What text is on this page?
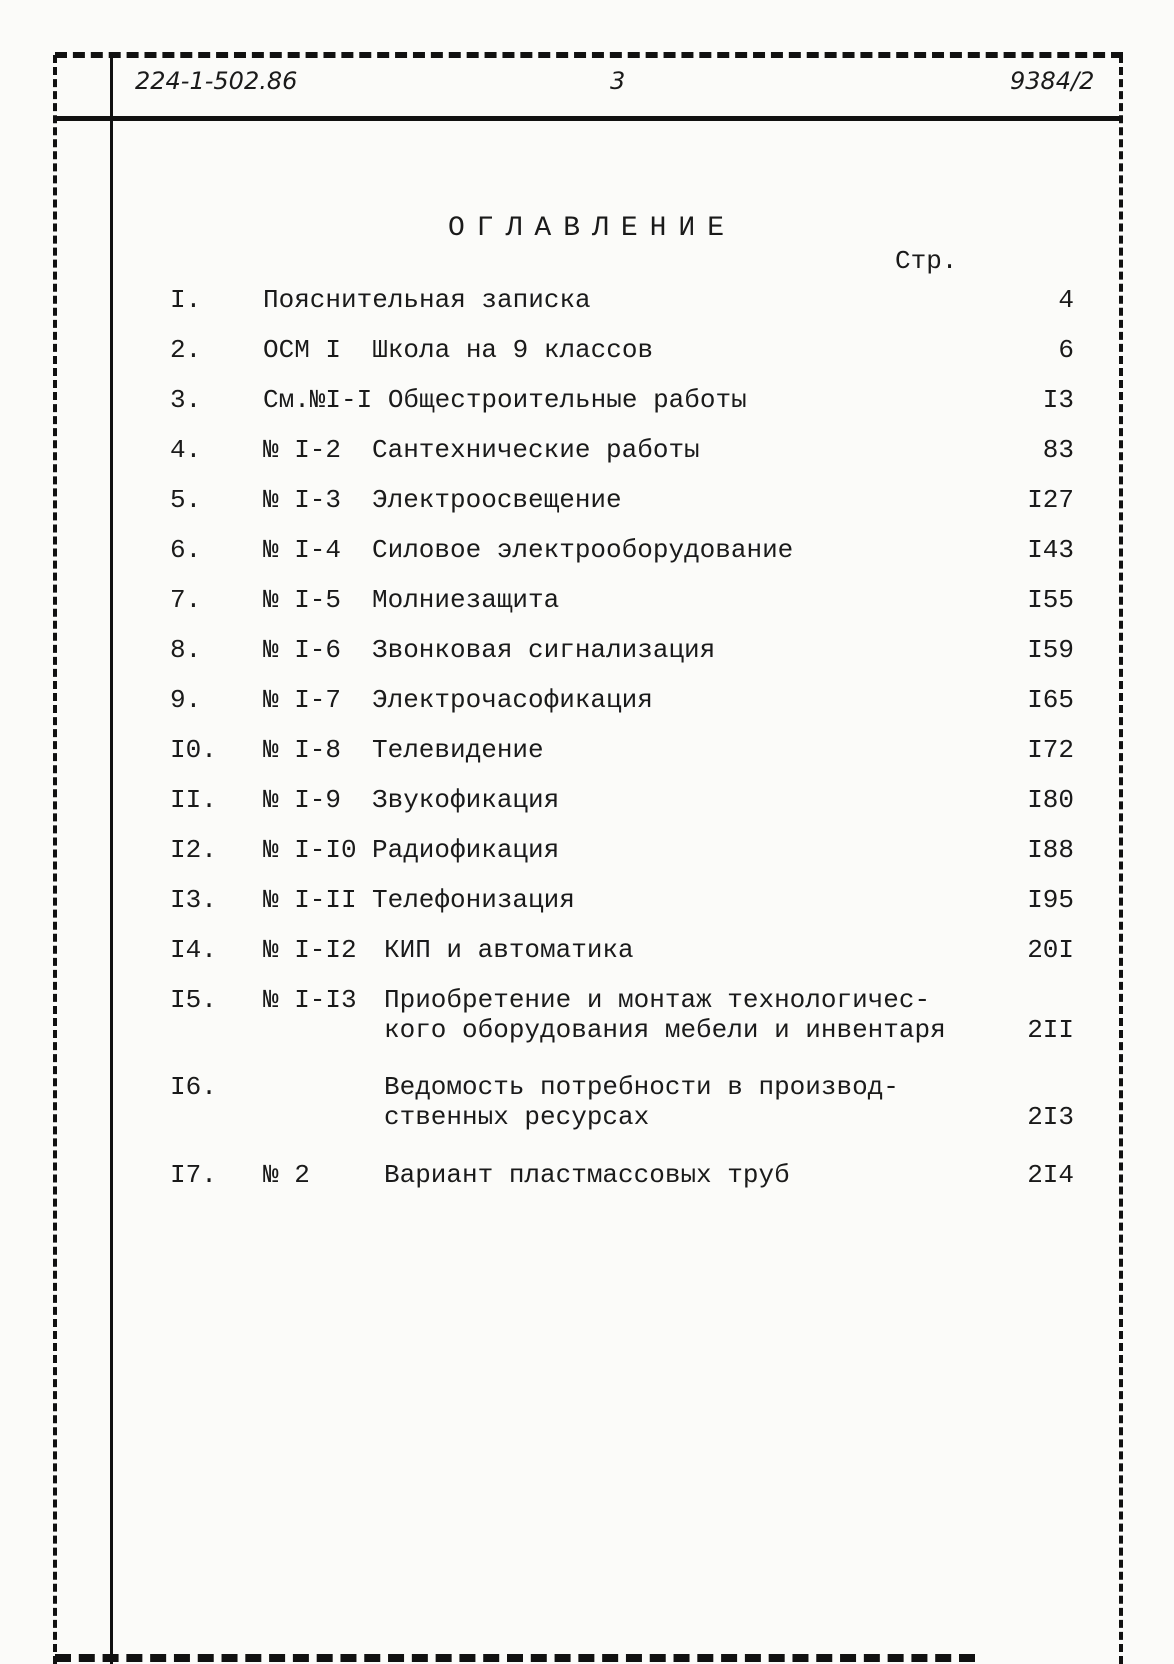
224-1-502.86	3	9384/2
ОГЛАВЛЕНИЕ
Стр.
I.	Пояснительная записка	4
2.	ОСМ I  Школа на 9 классов	6
3.	См.№I-I Общестроительные работы	I3
4.	№ I-2	Сантехнические работы	83
5.	№ I-3	Электроосвещение	I27
6.	№ I-4	Силовое электрооборудование	I43
7.	№ I-5	Молниезащита	I55
8.	№ I-6	Звонковая сигнализация	I59
9.	№ I-7	Электрочасофикация	I65
I0.	№ I-8	Телевидение	I72
II.	№ I-9	Звукофикация	I80
I2.	№ I-I0 Радиофикация	I88
I3.	№ I-II Телефонизация	I95
I4.	№ I-I2	КИП и автоматика	20I
I5.	№ I-I3	Приобретение и монтаж технологичес-
кого оборудования мебели и инвентаря	2II
I6.	Ведомость потребности в производ-
ственных ресурсах	2I3
I7.	№ 2	Вариант пластмассовых труб	2I4
